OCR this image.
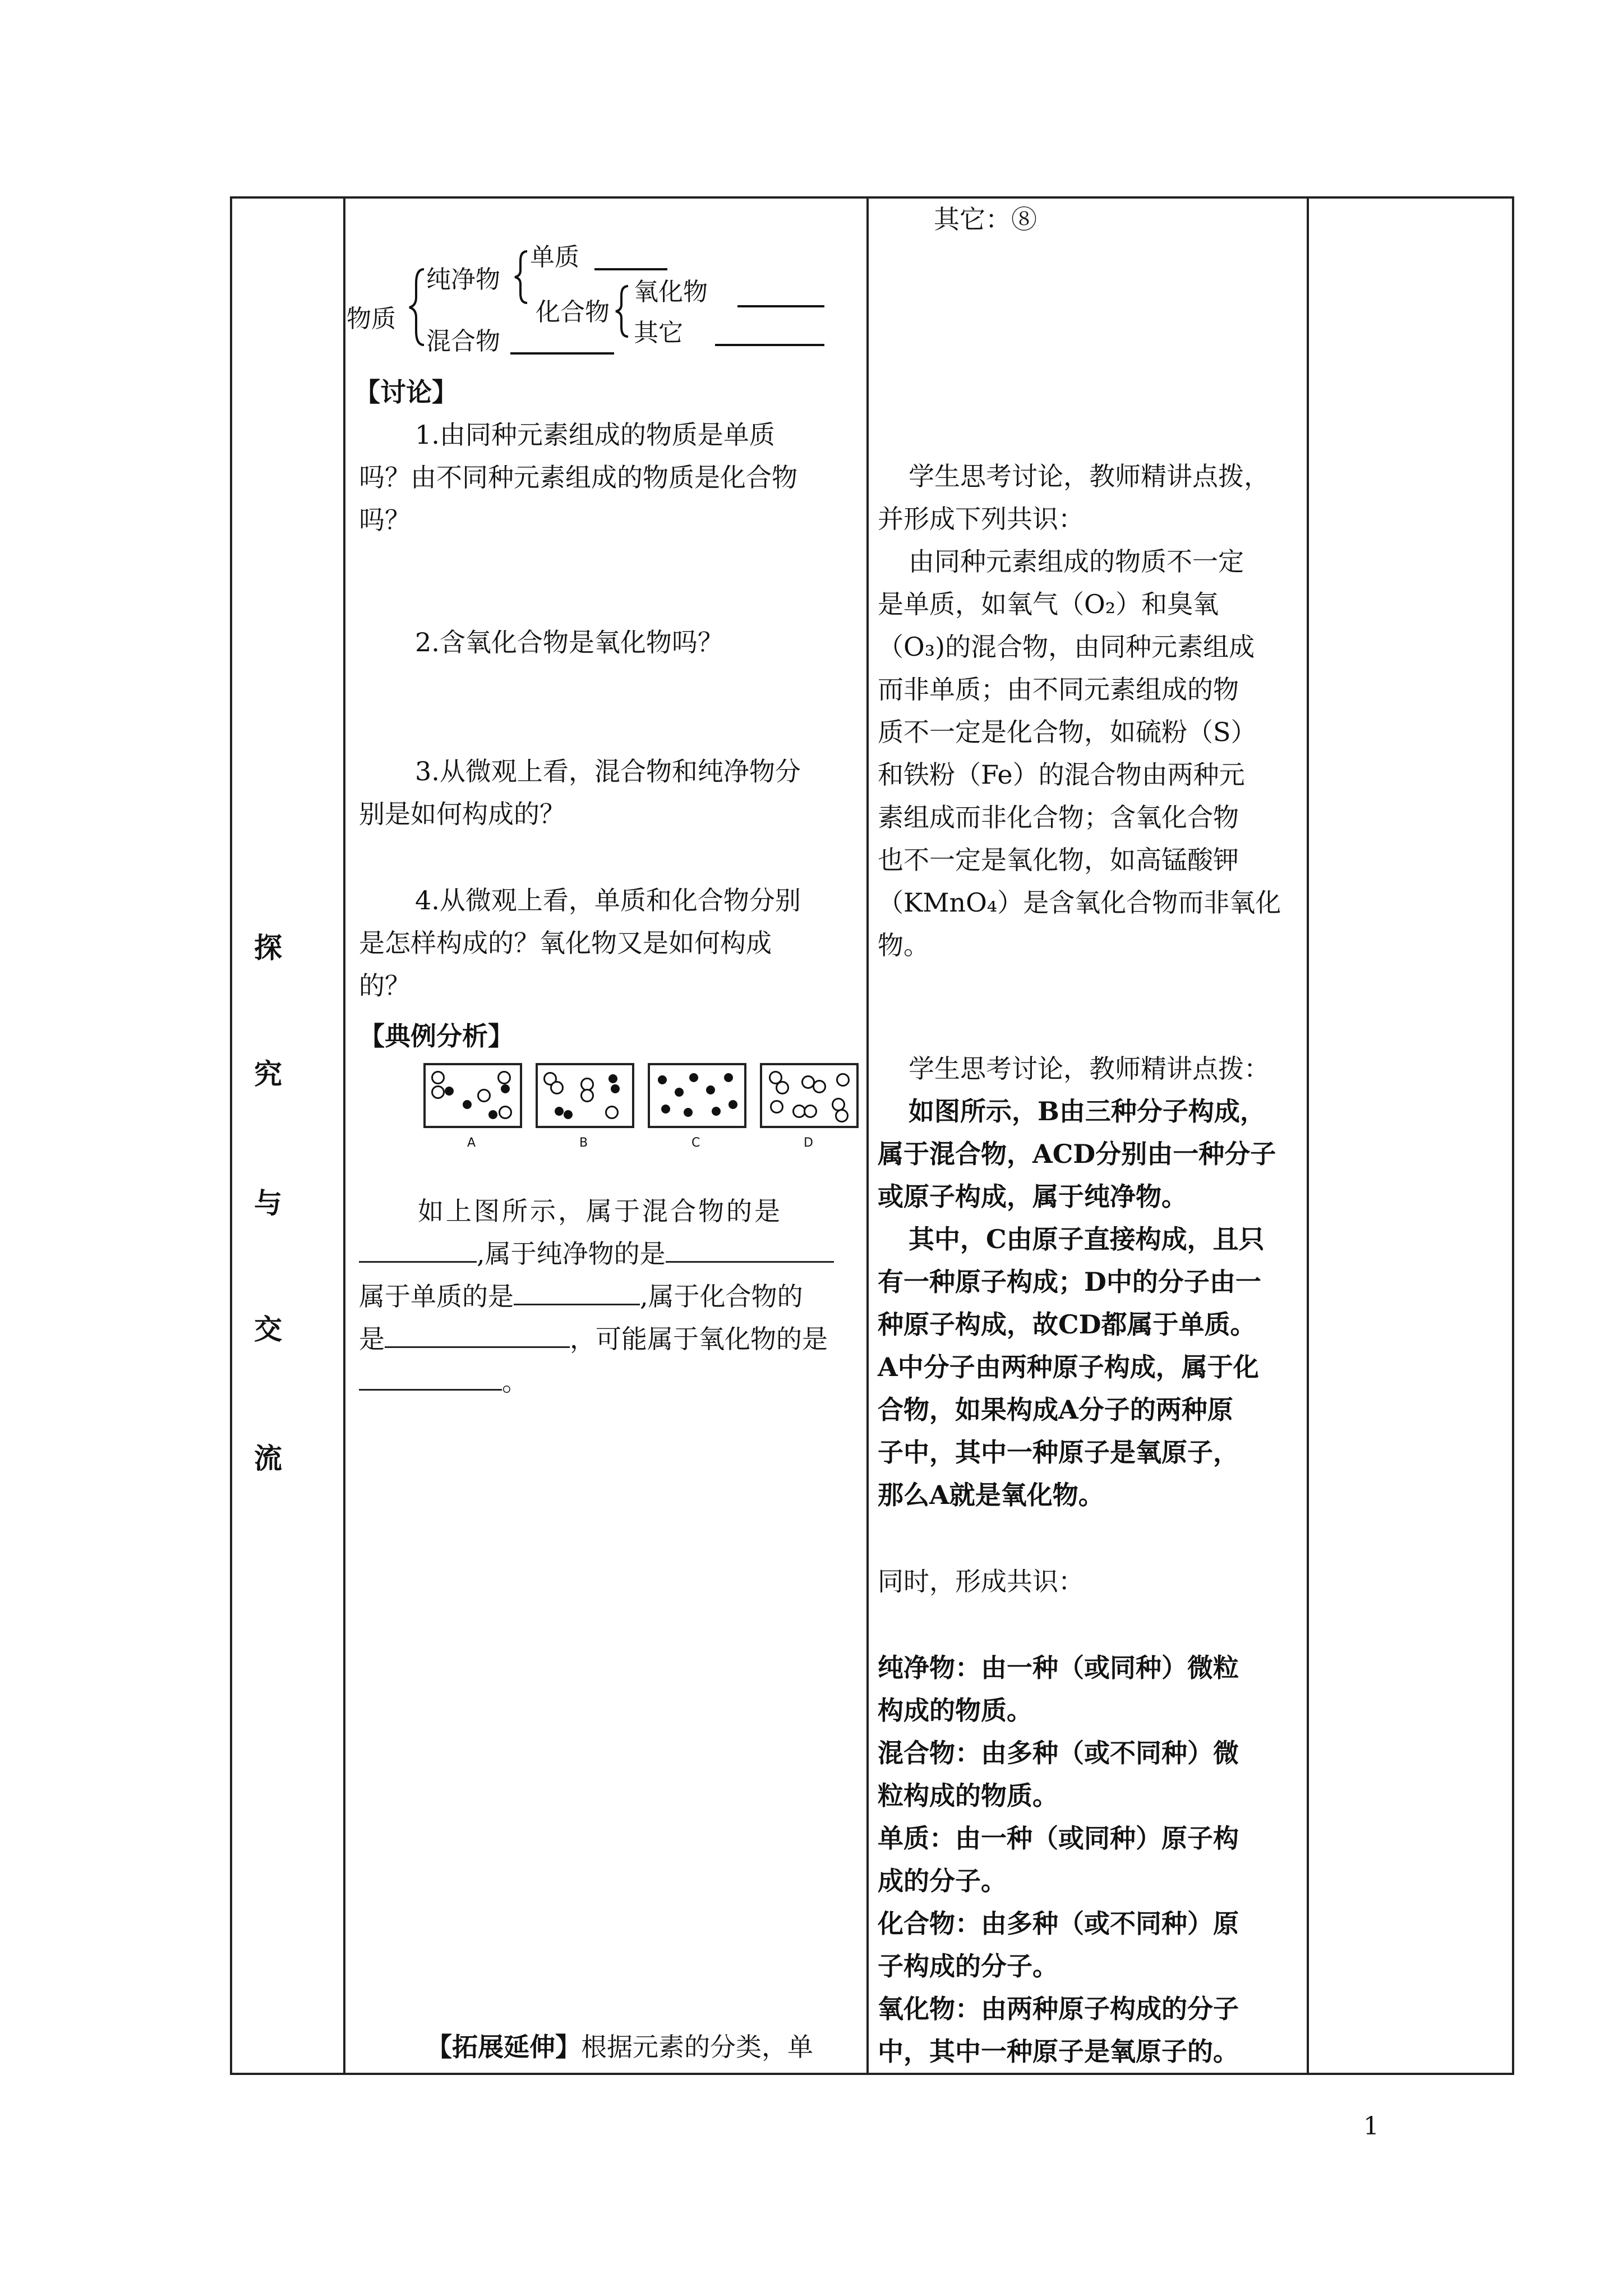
探
究
与
交
流
物质
纯净物
混合物
单质
化合物
氧化物
其它
【讨论】
1.由同种元素组成的物质是单质
吗？由不同种元素组成的物质是化合物
吗？
2.含氧化合物是氧化物吗？
3.从微观上看，混合物和纯净物分
别是如何构成的？
4.从微观上看，单质和化合物分别
是怎样构成的？氧化物又是如何构成
的？
【典例分析】
A	B	C	D
如上图所示，属于混合物的是
,属于纯净物的是
属于单质的是	,属于化合物的
是	，可能属于氧化物的是
。
【拓展延伸】根据元素的分类，单
其它：⑧
学生思考讨论，教师精讲点拨，
并形成下列共识：
由同种元素组成的物质不一定
是单质，如氧气（O₂）和臭氧
（O₃)的混合物，由同种元素组成
而非单质；由不同元素组成的物
质不一定是化合物，如硫粉（S）
和铁粉（Fe）的混合物由两种元
素组成而非化合物；含氧化合物
也不一定是氧化物，如高锰酸钾
（KMnO₄）是含氧化合物而非氧化
物。
学生思考讨论，教师精讲点拨：
如图所示，B由三种分子构成，
属于混合物，ACD分别由一种分子
或原子构成，属于纯净物。
其中，C由原子直接构成，且只
有一种原子构成；D中的分子由一
种原子构成，故CD都属于单质。
A中分子由两种原子构成，属于化
合物，如果构成A分子的两种原
子中，其中一种原子是氧原子，
那么A就是氧化物。
同时，形成共识：
纯净物：由一种（或同种）微粒
构成的物质。
混合物：由多种（或不同种）微
粒构成的物质。
单质：由一种（或同种）原子构
成的分子。
化合物：由多种（或不同种）原
子构成的分子。
氧化物：由两种原子构成的分子
中，其中一种原子是氧原子的。
1
